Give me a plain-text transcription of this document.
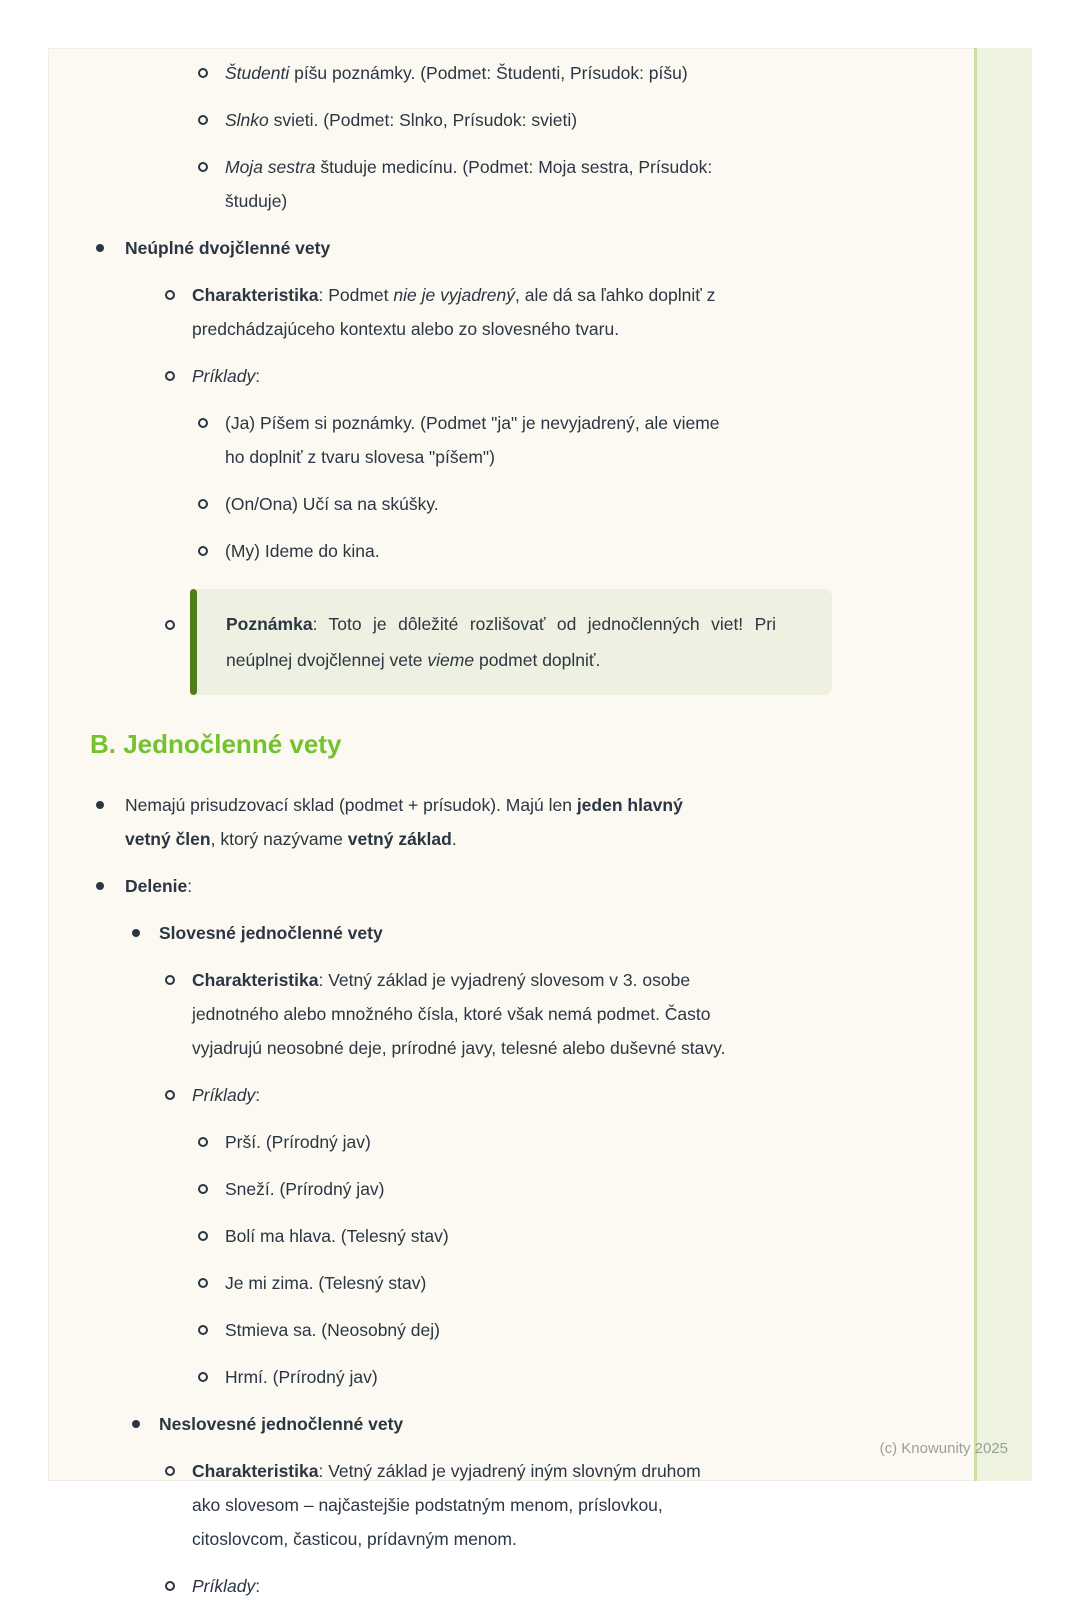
Študenti píšu poznámky. (Podmet: Študenti, Prísudok: píšu)
Slnko svieti. (Podmet: Slnko, Prísudok: svieti)
Moja sestra študuje medicínu. (Podmet: Moja sestra, Prísudok:
študuje)
Neúplné dvojčlenné vety
Charakteristika: Podmet nie je vyjadrený, ale dá sa ľahko doplniť z
predchádzajúceho kontextu alebo zo slovesného tvaru.
Príklady:
(Ja) Píšem si poznámky. (Podmet "ja" je nevyjadrený, ale vieme
ho doplniť z tvaru slovesa "píšem")
(On/Ona) Učí sa na skúšky.
(My) Ideme do kina.

Poznámka: Toto je dôležité rozlišovať od jednočlenných viet! Pri neúplnej dvojčlennej vete vieme podmet doplniť.

B. Jednočlenné vety
Nemajú prisudzovací sklad (podmet + prísudok). Majú len jeden hlavný
vetný člen, ktorý nazývame vetný základ.
Delenie:
Slovesné jednočlenné vety
Charakteristika: Vetný základ je vyjadrený slovesom v 3. osobe
jednotného alebo množného čísla, ktoré však nemá podmet. Často
vyjadrujú neosobné deje, prírodné javy, telesné alebo duševné stavy.
Príklady:
Prší. (Prírodný jav)
Sneží. (Prírodný jav)
Bolí ma hlava. (Telesný stav)
Je mi zima. (Telesný stav)
Stmieva sa. (Neosobný dej)
Hrmí. (Prírodný jav)
Neslovesné jednočlenné vety
Charakteristika: Vetný základ je vyjadrený iným slovným druhom
ako slovesom – najčastejšie podstatným menom, príslovkou,
citoslovcom, časticou, prídavným menom.
Príklady:
(c) Knowunity 2025
